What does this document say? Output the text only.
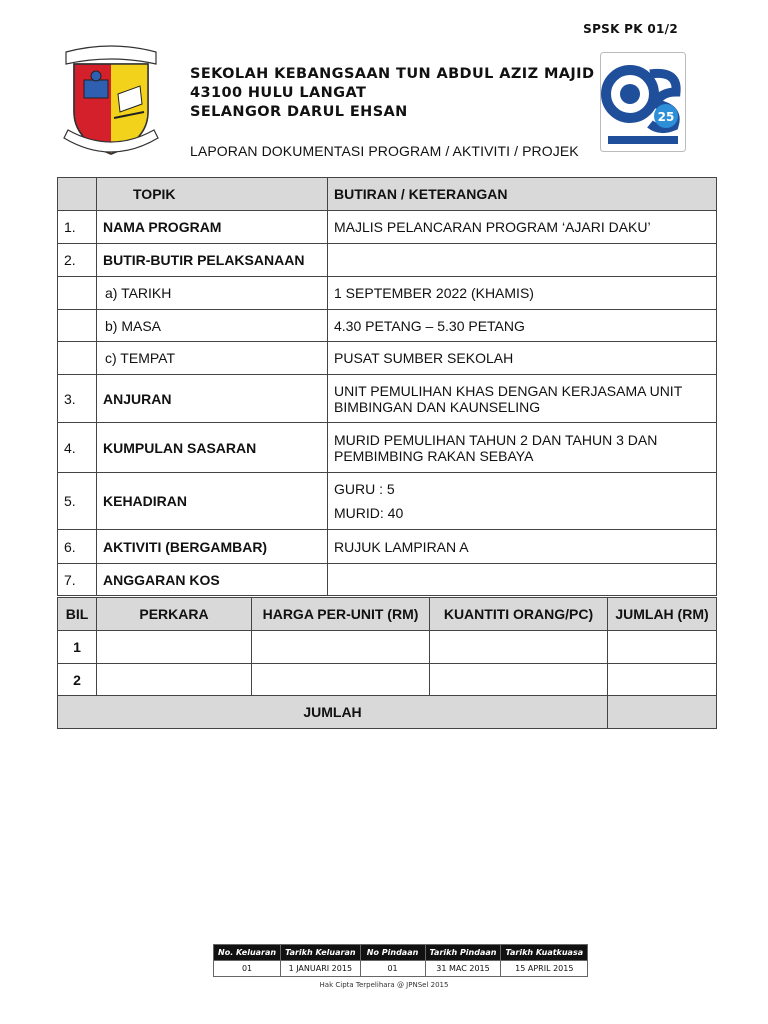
SPSK PK 01/2
SEKOLAH KEBANGSAAN TUN ABDUL AZIZ MAJID
43100 HULU LANGAT
SELANGOR DARUL EHSAN
LAPORAN DOKUMENTASI PROGRAM / AKTIVITI / PROJEK
25
	TOPIK	BUTIRAN / KETERANGAN
1.	NAMA PROGRAM	MAJLIS PELANCARAN PROGRAM ‘AJARI DAKU’
2.	BUTIR-BUTIR PELAKSANAAN	
	a) TARIKH	1 SEPTEMBER 2022 (KHAMIS)
	b) MASA	4.30 PETANG – 5.30 PETANG
	c) TEMPAT	PUSAT SUMBER SEKOLAH
3.	ANJURAN	UNIT PEMULIHAN KHAS DENGAN KERJASAMA UNIT
BIMBINGAN DAN KAUNSELING

4.	KUMPULAN SASARAN	MURID PEMULIHAN TAHUN 2 DAN TAHUN 3 DAN
PEMBIMBING RAKAN SEBAYA

5.	KEHADIRAN	GURU : 5
MURID: 40

6.	AKTIVITI (BERGAMBAR)	RUJUK LAMPIRAN A
7.	ANGGARAN KOS	
BIL	PERKARA	HARGA PER-UNIT (RM)	KUANTITI ORANG/PC)	JUMLAH (RM)
1				
2				
JUMLAH				
No. Keluaran	Tarikh Keluaran	No Pindaan	Tarikh Pindaan	Tarikh Kuatkuasa
01	1 JANUARI 2015	01	31 MAC 2015	15 APRIL 2015
Hak Cipta Terpelihara @ JPNSel 2015
